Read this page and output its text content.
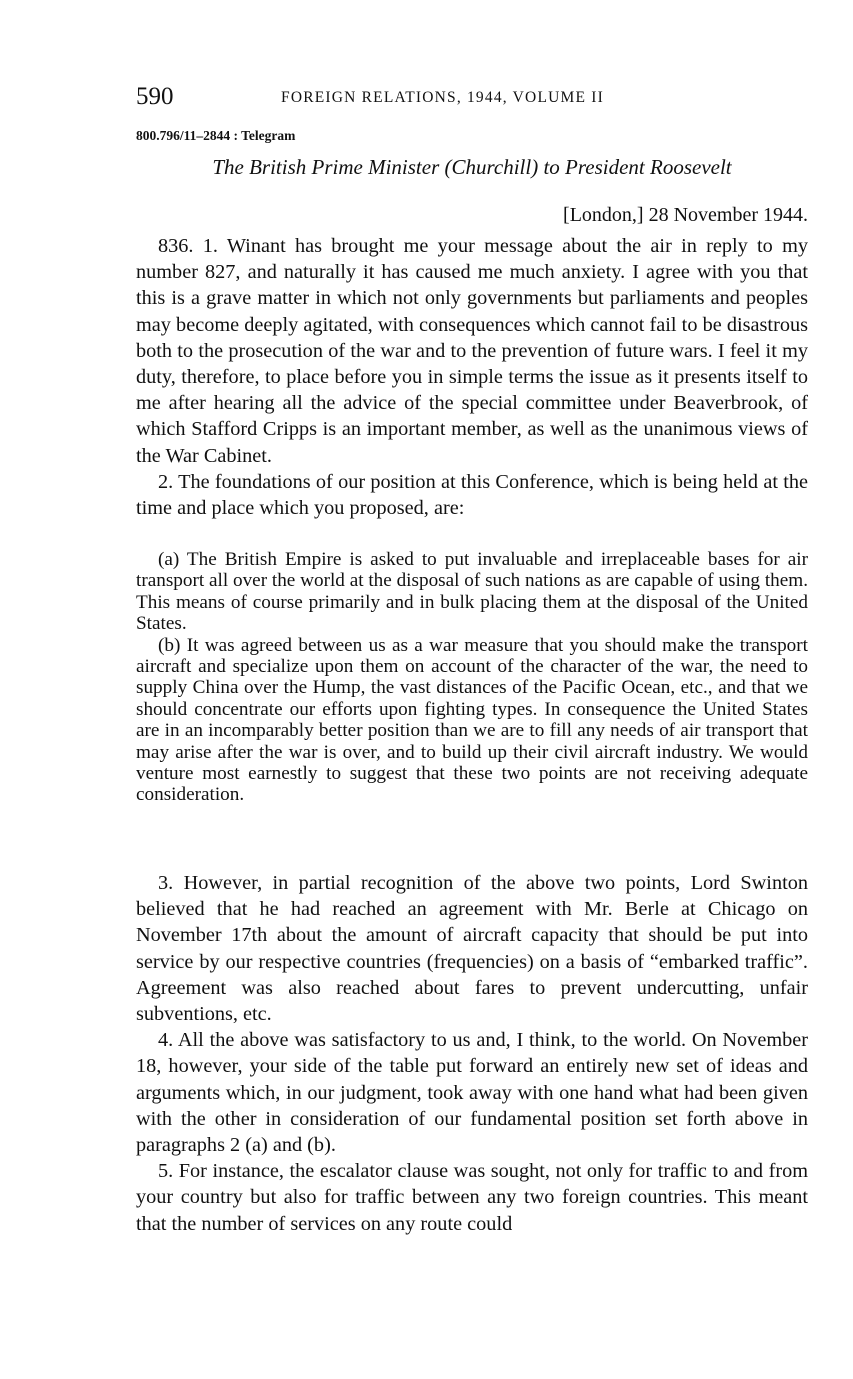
590	FOREIGN RELATIONS, 1944, VOLUME II
800.796/11–2844 : Telegram
The British Prime Minister (Churchill) to President Roosevelt
[London,] 28 November 1944.

836. 1. Winant has brought me your message about the air in reply to my number 827, and naturally it has caused me much anxiety. I agree with you that this is a grave matter in which not only governments but parliaments and peoples may become deeply agitated, with consequences which cannot fail to be disastrous both to the prosecution of the war and to the prevention of future wars. I feel it my duty, therefore, to place before you in simple terms the issue as it presents itself to me after hearing all the advice of the special committee under Beaverbrook, of which Stafford Cripps is an important member, as well as the unanimous views of the War Cabinet.

2. The foundations of our position at this Conference, which is being held at the time and place which you proposed, are:

(a) The British Empire is asked to put invaluable and irreplaceable bases for air transport all over the world at the disposal of such nations as are capable of using them. This means of course primarily and in bulk placing them at the disposal of the United States.

(b) It was agreed between us as a war measure that you should make the transport aircraft and specialize upon them on account of the character of the war, the need to supply China over the Hump, the vast distances of the Pacific Ocean, etc., and that we should concentrate our efforts upon fighting types. In consequence the United States are in an incomparably better position than we are to fill any needs of air transport that may arise after the war is over, and to build up their civil aircraft industry. We would venture most earnestly to suggest that these two points are not receiving adequate consideration.

3. However, in partial recognition of the above two points, Lord Swinton believed that he had reached an agreement with Mr. Berle at Chicago on November 17th about the amount of aircraft capacity that should be put into service by our respective countries (frequencies) on a basis of “embarked traffic”. Agreement was also reached about fares to prevent undercutting, unfair subventions, etc.

4. All the above was satisfactory to us and, I think, to the world. On November 18, however, your side of the table put forward an entirely new set of ideas and arguments which, in our judgment, took away with one hand what had been given with the other in consideration of our fundamental position set forth above in paragraphs 2 (a) and (b).

5. For instance, the escalator clause was sought, not only for traffic to and from your country but also for traffic between any two foreign countries. This meant that the number of services on any route could
